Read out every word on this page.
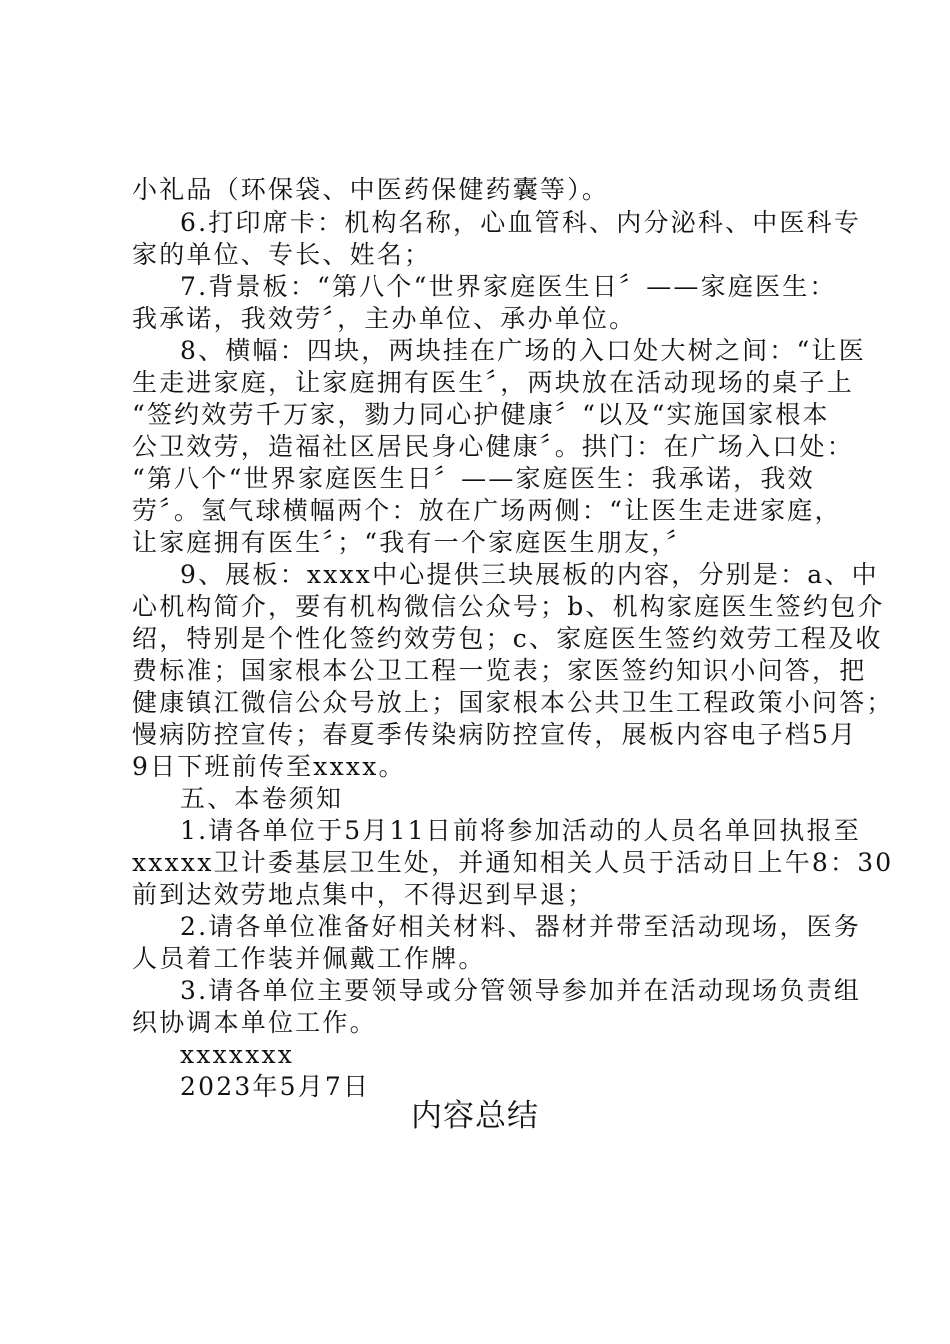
小礼品（环保袋、中医药保健药囊等）。
6.打印席卡：机构名称，心血管科、内分泌科、中医科专
家的单位、专长、姓名；
7.背景板：“第八个“世界家庭医生日〞——家庭医生：
我承诺，我效劳〞，主办单位、承办单位。
8、横幅：四块，两块挂在广场的入口处大树之间：“让医
生走进家庭，让家庭拥有医生〞，两块放在活动现场的桌子上
“签约效劳千万家，勠力同心护健康〞“以及“实施国家根本
公卫效劳，造福社区居民身心健康〞。拱门：在广场入口处：
“第八个“世界家庭医生日〞——家庭医生：我承诺，我效
劳〞。氢气球横幅两个：放在广场两侧：“让医生走进家庭，
让家庭拥有医生〞；“我有一个家庭医生朋友，〞
9、展板：xxxx中心提供三块展板的内容，分别是：a、中
心机构简介，要有机构微信公众号；b、机构家庭医生签约包介
绍，特别是个性化签约效劳包；c、家庭医生签约效劳工程及收
费标准；国家根本公卫工程一览表；家医签约知识小问答，把
健康镇江微信公众号放上；国家根本公共卫生工程政策小问答；
慢病防控宣传；春夏季传染病防控宣传，展板内容电子档5月
9日下班前传至xxxx。
五、本卷须知
1.请各单位于5月11日前将参加活动的人员名单回执报至
xxxxx卫计委基层卫生处，并通知相关人员于活动日上午8：30
前到达效劳地点集中，不得迟到早退；
2.请各单位准备好相关材料、器材并带至活动现场，医务
人员着工作装并佩戴工作牌。
3.请各单位主要领导或分管领导参加并在活动现场负责组
织协调本单位工作。
xxxxxxx
2023年5月7日
内容总结
